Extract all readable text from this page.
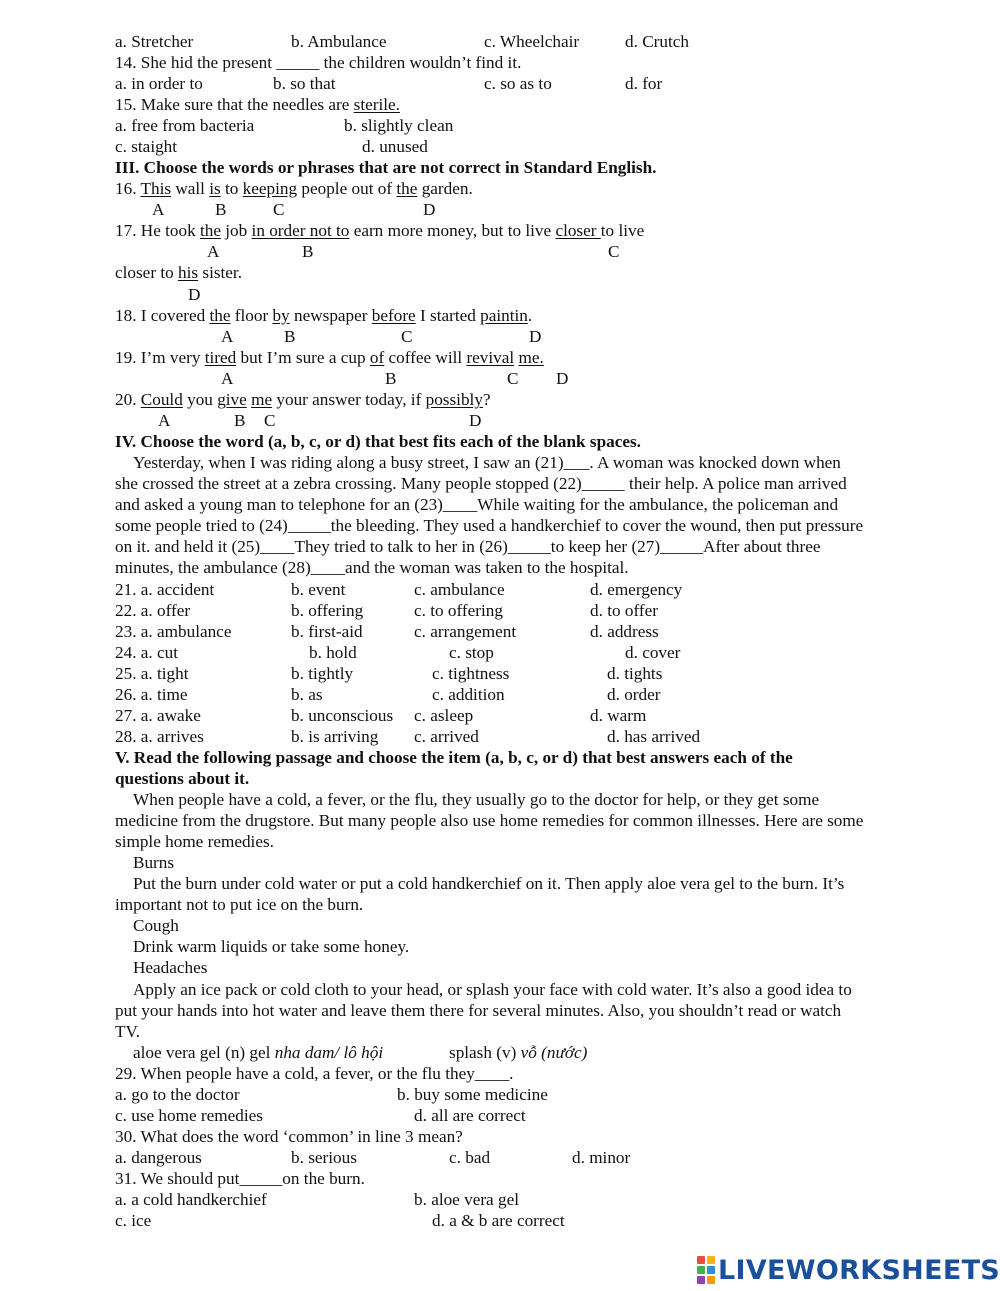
a. Stretcher	b. Ambulance	c. Wheelchair	d. Crutch
14. She hid the present _____ the children wouldn’t find it.
a. in order to	b. so that	c. so as to	d. for
15. Make sure that the needles are sterile.
a. free from bacteria	b. slightly clean
c. staight	d. unused
III. Choose the words or phrases that are not correct in Standard English.
16. This wall is to keeping people out of the garden.
A	B	C	D
17. He took the job in order not to earn more money, but to live closer to live
A	B	C
closer to his sister.
D
18. I covered the floor by newspaper before I started paintin.
A	B	C	D
19. I’m very tired but I’m sure a cup of coffee will revival me.
A	B	C D
20. Could you give me your answer today, if possibly?
A	B C	D
IV. Choose the word (a, b, c, or d) that best fits each of the blank spaces.
Yesterday, when I was riding along a busy street, I saw an (21)___. A woman was knocked down when
she crossed the street at a zebra crossing. Many people stopped (22)_____ their help. A police man arrived
and asked a young man to telephone for an (23)____While waiting for the ambulance, the policeman and
some people tried to (24)_____the bleeding. They used a handkerchief to cover the wound, then put pressure
on it. and held it (25)____They tried to talk to her in (26)_____to keep her (27)_____After about three
minutes, the ambulance (28)____and the woman was taken to the hospital.
21. a. accident	b. event	c. ambulance	d. emergency
22. a. offer	b. offering	c. to offering	d. to offer
23. a. ambulance	b. first-aid	c. arrangement	d. address
24. a. cut	b. hold	c. stop	d. cover
25. a. tight	b. tightly	c. tightness	d. tights
26. a. time	b. as	c. addition	d. order
27. a. awake	b. unconscious c. asleep	d. warm
28. a. arrives	b. is arriving c. arrived	d. has arrived
V. Read the following passage and choose the item (a, b, c, or d) that best answers each of the
questions about it.
When people have a cold, a fever, or the flu, they usually go to the doctor for help, or they get some
medicine from the drugstore. But many people also use home remedies for common illnesses. Here are some
simple home remedies.
Burns
Put the burn under cold water or put a cold handkerchief on it. Then apply aloe vera gel to the burn. It’s
important not to put ice on the burn.
Cough
Drink warm liquids or take some honey.
Headaches
Apply an ice pack or cold cloth to your head, or splash your face with cold water. It’s also a good idea to
put your hands into hot water and leave them there for several minutes. Also, you shouldn’t read or watch
TV.
aloe vera gel (n) gel nha dam/ lô hội	splash (v) vỗ (nước)
29. When people have a cold, a fever, or the flu they____.
a. go to the doctor	b. buy some medicine
c. use home remedies	d. all are correct
30. What does the word ‘common’ in line 3 mean?
a. dangerous	b. serious	c. bad	d. minor
31. We should put_____on the burn.
a. a cold handkerchief	b. aloe vera gel
c. ice	d. a & b are correct
LIVEWORKSHEETS
